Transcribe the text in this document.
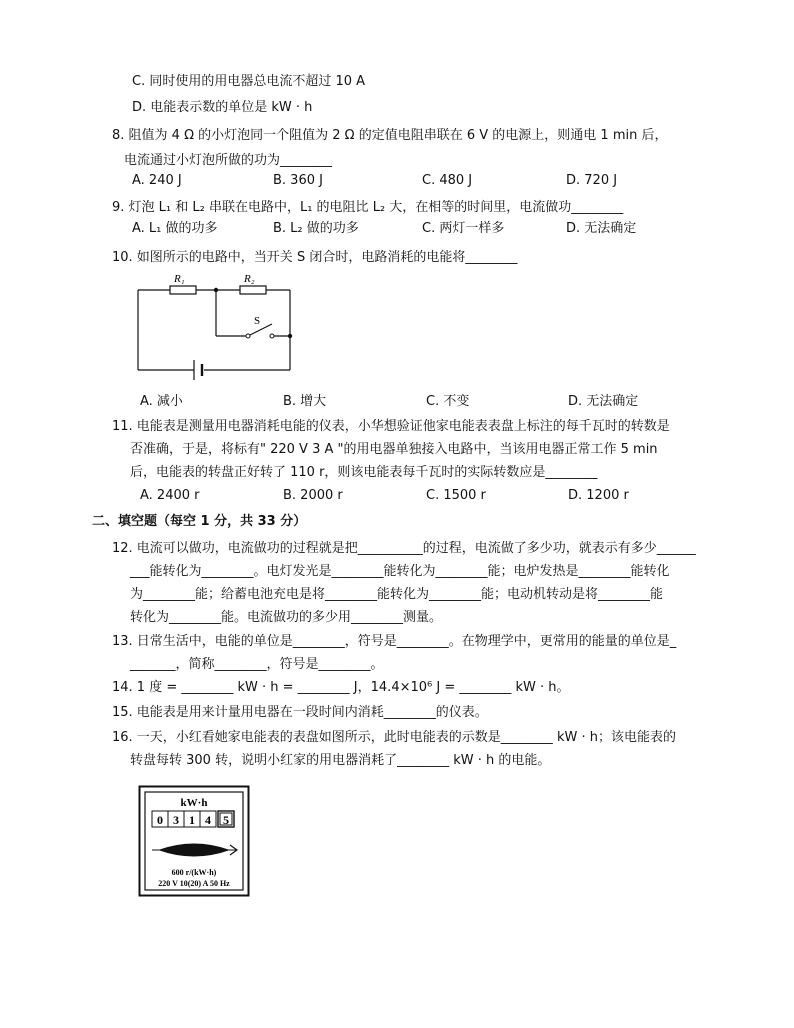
C. 同时使用的用电器总电流不超过 10 A
D. 电能表示数的单位是 kW · h
8. 阻值为 4 Ω 的小灯泡同一个阻值为 2 Ω 的定值电阻串联在 6 V 的电源上，则通电 1 min 后，
电流通过小灯泡所做的功为________
A. 240 J	B. 360 J	C. 480 J	D. 720 J
9. 灯泡 L₁ 和 L₂ 串联在电路中，L₁ 的电阻比 L₂ 大，在相等的时间里，电流做功________
A. L₁ 做的功多	B. L₂ 做的功多	C. 两灯一样多	D. 无法确定
10. 如图所示的电路中，当开关 S 闭合时，电路消耗的电能将________
R₁	R₂
S
A. 减小	B. 增大	C. 不变	D. 无法确定
11. 电能表是测量用电器消耗电能的仪表，小华想验证他家电能表表盘上标注的每千瓦时的转数是
否准确，于是，将标有" 220 V 3 A "的用电器单独接入电路中，当该用电器正常工作 5 min
后，电能表的转盘正好转了 110 r，则该电能表每千瓦时的实际转数应是________
A. 2400 r	B. 2000 r	C. 1500 r	D. 1200 r
二、填空题（每空 1 分，共 33 分）
12. 电流可以做功，电流做功的过程就是把__________的过程，电流做了多少功，就表示有多少______
___能转化为________。电灯发光是________能转化为________能；电炉发热是________能转化
为________能；给蓄电池充电是将________能转化为________能；电动机转动是将________能
转化为________能。电流做功的多少用________测量。
13. 日常生活中，电能的单位是________，符号是________。在物理学中，更常用的能量的单位是_
_______，简称________，符号是________。
14. 1 度 = ________ kW · h = ________ J，14.4×10⁶ J = ________ kW · h。
15. 电能表是用来计量用电器在一段时间内消耗________的仪表。
16. 一天，小红看她家电能表的表盘如图所示，此时电能表的示数是________ kW · h；该电能表的
转盘每转 300 转，说明小红家的用电器消耗了________ kW · h 的电能。
kW·h
0 3 1 4 5
600 r/(kW·h)
220 V 10(20) A 50 Hz
